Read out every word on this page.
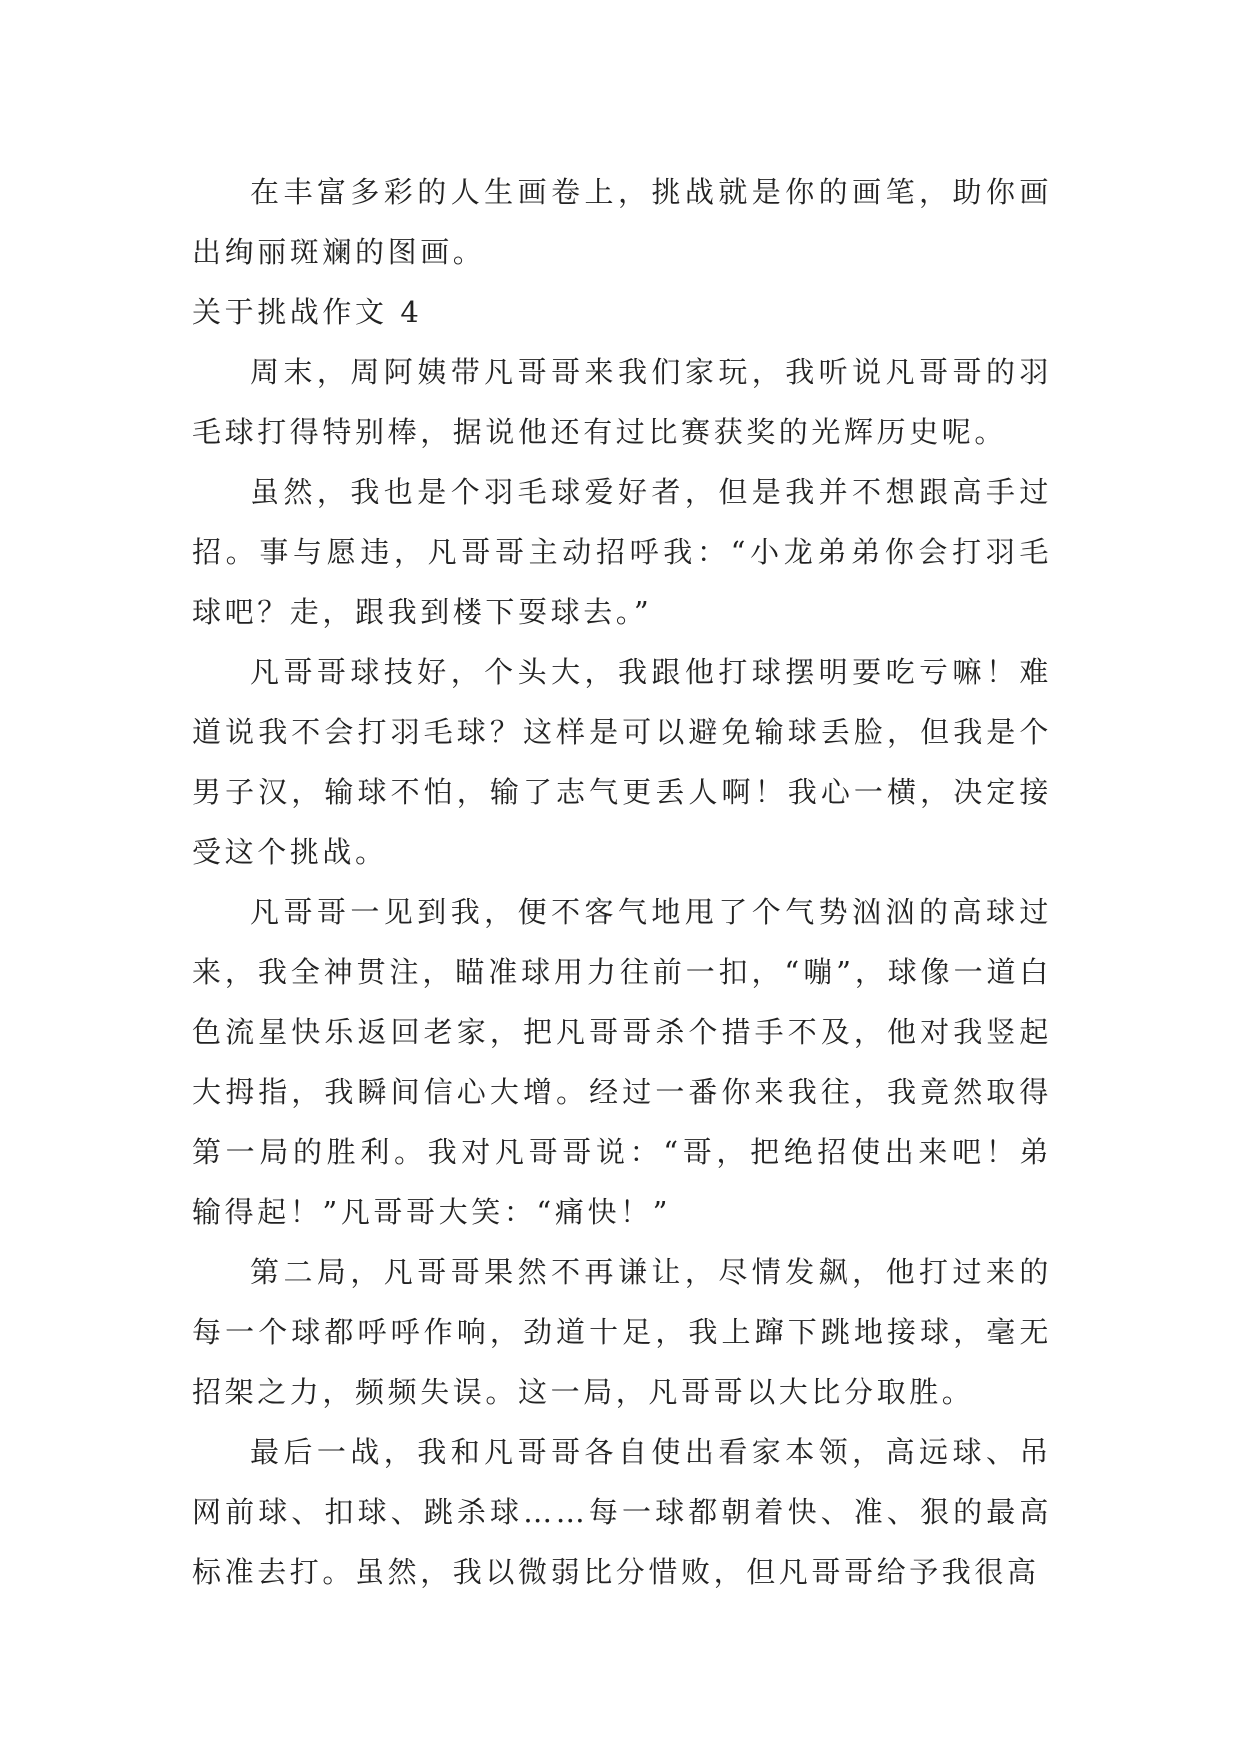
在丰富多彩的人生画卷上，挑战就是你的画笔，助你画出绚丽斑斓的图画。

关于挑战作文 4

周末，周阿姨带凡哥哥来我们家玩，我听说凡哥哥的羽毛球打得特别棒，据说他还有过比赛获奖的光辉历史呢。

虽然，我也是个羽毛球爱好者，但是我并不想跟高手过招。事与愿违，凡哥哥主动招呼我：“小龙弟弟你会打羽毛球吧？走，跟我到楼下耍球去。”

凡哥哥球技好，个头大，我跟他打球摆明要吃亏嘛！难道说我不会打羽毛球？这样是可以避免输球丢脸，但我是个男子汉，输球不怕，输了志气更丢人啊！我心一横，决定接受这个挑战。

凡哥哥一见到我，便不客气地甩了个气势汹汹的高球过来，我全神贯注，瞄准球用力往前一扣，“嘣”，球像一道白色流星快乐返回老家，把凡哥哥杀个措手不及，他对我竖起大拇指，我瞬间信心大增。经过一番你来我往，我竟然取得第一局的胜利。我对凡哥哥说：“哥，把绝招使出来吧！弟输得起！”凡哥哥大笑：“痛快！”

第二局，凡哥哥果然不再谦让，尽情发飙，他打过来的每一个球都呼呼作响，劲道十足，我上蹿下跳地接球，毫无招架之力，频频失误。这一局，凡哥哥以大比分取胜。

最后一战，我和凡哥哥各自使出看家本领，高远球、吊网前球、扣球、跳杀球……每一球都朝着快、准、狠的最高标准去打。虽然，我以微弱比分惜败，但凡哥哥给予我很高
